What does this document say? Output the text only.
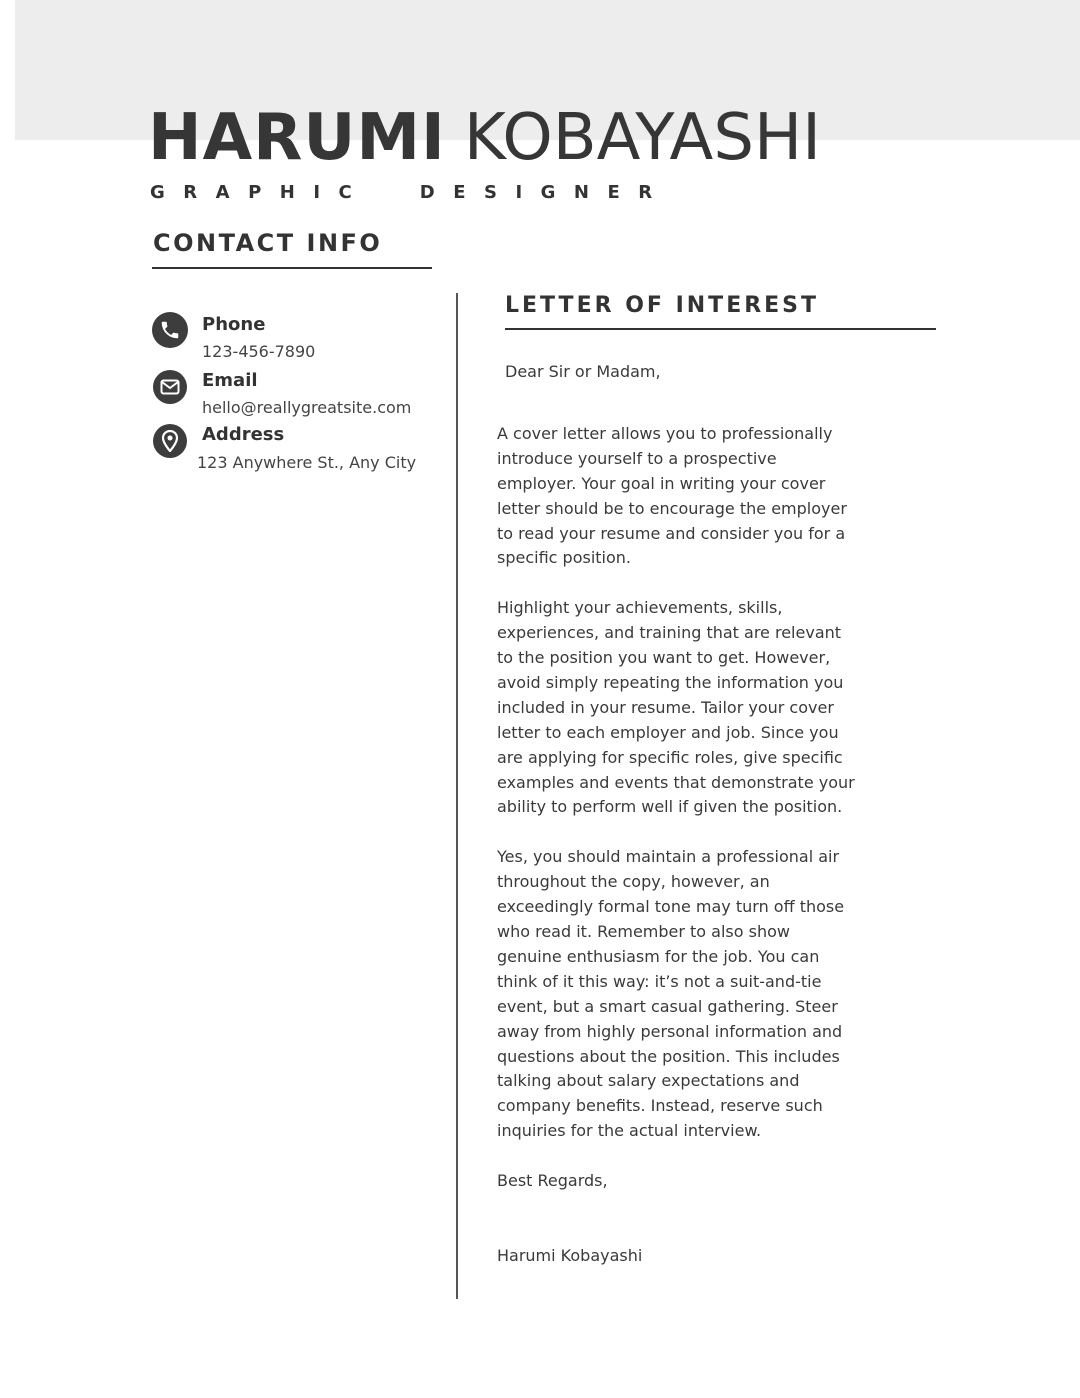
HARUMI KOBAYASHI
GRAPHIC  DESIGNER
CONTACT INFO
Phone
123-456-7890
Email
hello@reallygreatsite.com
Address
123 Anywhere St., Any City
LETTER OF INTEREST
Dear Sir or Madam,
A cover letter allows you to professionally
introduce yourself to a prospective
employer. Your goal in writing your cover
letter should be to encourage the employer
to read your resume and consider you for a
specific position.
Highlight your achievements, skills,
experiences, and training that are relevant
to the position you want to get. However,
avoid simply repeating the information you
included in your resume. Tailor your cover
letter to each employer and job. Since you
are applying for specific roles, give specific
examples and events that demonstrate your
ability to perform well if given the position.
Yes, you should maintain a professional air
throughout the copy, however, an
exceedingly formal tone may turn off those
who read it. Remember to also show
genuine enthusiasm for the job. You can
think of it this way: it’s not a suit-and-tie
event, but a smart casual gathering. Steer
away from highly personal information and
questions about the position. This includes
talking about salary expectations and
company benefits. Instead, reserve such
inquiries for the actual interview.
Best Regards,
Harumi Kobayashi
